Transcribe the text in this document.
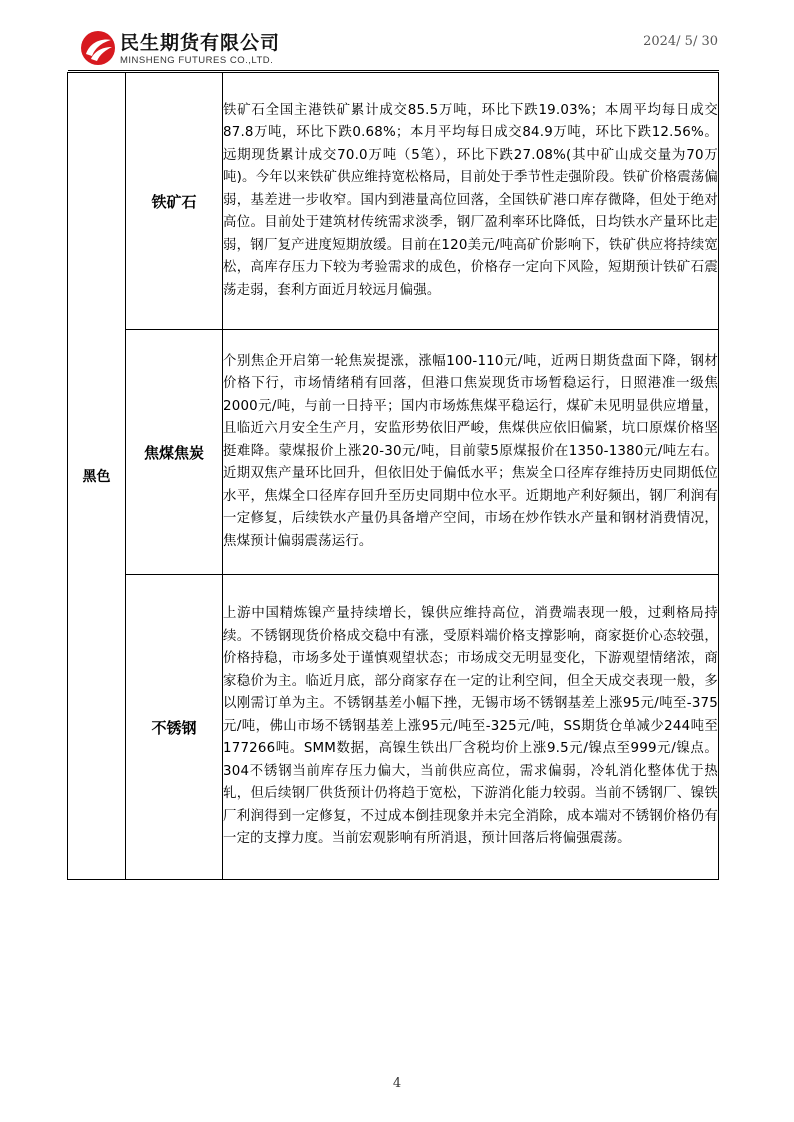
民生期货有限公司
MINSHENG FUTURES CO.,LTD.
2024/ 5/ 30
黑色	铁矿石	铁矿石全国主港铁矿累计成交85.5万吨，环比下跌19.03%；本周平均每日成交87.8万吨，环比下跌0.68%；本月平均每日成交84.9万吨，环比下跌12.56%。远期现货累计成交70.0万吨（5笔），环比下跌27.08%(其中矿山成交量为70万吨)。今年以来铁矿供应维持宽松格局，目前处于季节性走强阶段。铁矿价格震荡偏弱，基差进一步收窄。国内到港量高位回落，全国铁矿港口库存微降，但处于绝对高位。目前处于建筑材传统需求淡季，钢厂盈利率环比降低，日均铁水产量环比走弱，钢厂复产进度短期放缓。目前在120美元/吨高矿价影响下，铁矿供应将持续宽松，高库存压力下较为考验需求的成色，价格存一定向下风险，短期预计铁矿石震荡走弱，套利方面近月较远月偏强。
	焦煤焦炭	个别焦企开启第一轮焦炭提涨，涨幅100-110元/吨，近两日期货盘面下降，钢材价格下行，市场情绪稍有回落，但港口焦炭现货市场暂稳运行，日照港准一级焦2000元/吨，与前一日持平；国内市场炼焦煤平稳运行，煤矿未见明显供应增量，且临近六月安全生产月，安监形势依旧严峻，焦煤供应依旧偏紧，坑口原煤价格坚挺难降。蒙煤报价上涨20-30元/吨，目前蒙5原煤报价在1350-1380元/吨左右。近期双焦产量环比回升，但依旧处于偏低水平；焦炭全口径库存维持历史同期低位水平，焦煤全口径库存回升至历史同期中位水平。近期地产利好频出，钢厂利润有一定修复，后续铁水产量仍具备增产空间，市场在炒作铁水产量和钢材消费情况，焦煤预计偏弱震荡运行。
	不锈钢	上游中国精炼镍产量持续增长，镍供应维持高位，消费端表现一般，过剩格局持续。不锈钢现货价格成交稳中有涨，受原料端价格支撑影响，商家挺价心态较强，价格持稳，市场多处于谨慎观望状态；市场成交无明显变化，下游观望情绪浓，商家稳价为主。临近月底，部分商家存在一定的让利空间，但全天成交表现一般，多以刚需订单为主。不锈钢基差小幅下挫，无锡市场不锈钢基差上涨95元/吨至-375元/吨，佛山市场不锈钢基差上涨95元/吨至-325元/吨，SS期货仓单减少244吨至177266吨。SMM数据，高镍生铁出厂含税均价上涨9.5元/镍点至999元/镍点。304不锈钢当前库存压力偏大，当前供应高位，需求偏弱，冷轧消化整体优于热轧，但后续钢厂供货预计仍将趋于宽松，下游消化能力较弱。当前不锈钢厂、镍铁厂利润得到一定修复，不过成本倒挂现象并未完全消除，成本端对不锈钢价格仍有一定的支撑力度。当前宏观影响有所消退，预计回落后将偏强震荡。
4
